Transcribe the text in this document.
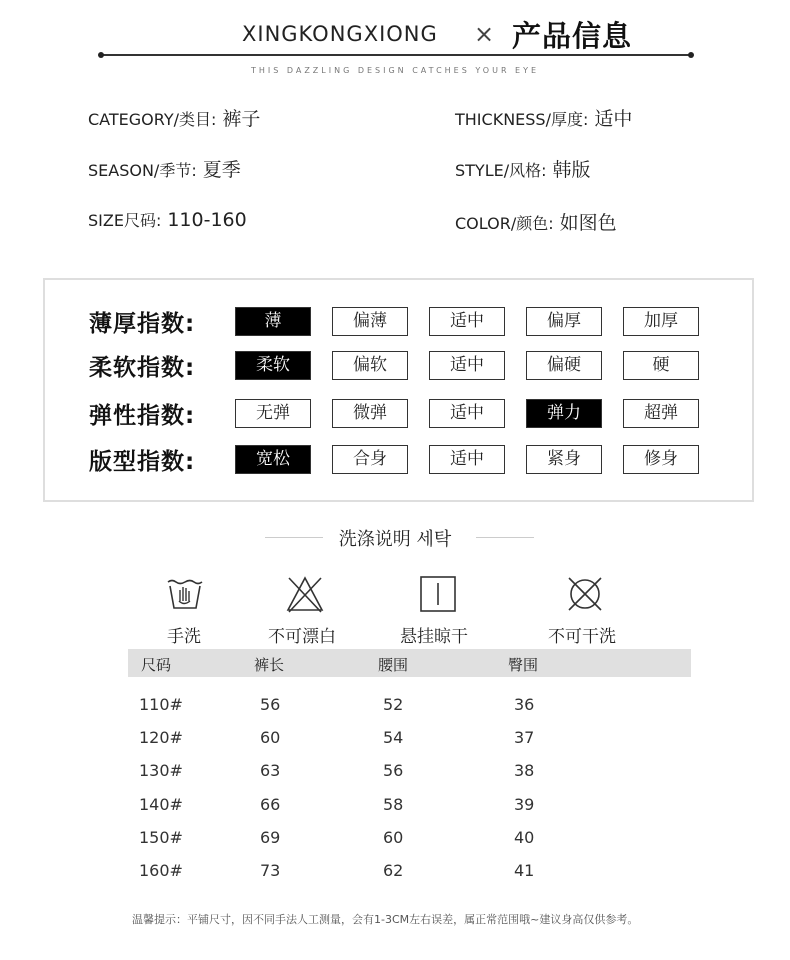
XINGKONGXIONG × 产品信息
THIS DAZZLING DESIGN CATCHES YOUR EYE
CATEGORY/类目: 裤子	THICKNESS/厚度: 适中
SEASON/季节: 夏季	STYLE/风格: 韩版
SIZE尺码: 110-160	COLOR/颜色: 如图色
薄厚指数:	薄	偏薄	适中	偏厚	加厚
柔软指数:	柔软	偏软	适中	偏硬	硬
弹性指数:	无弹	微弹	适中	弹力	超弹
版型指数:	宽松	合身	适中	紧身	修身
洗涤说明 세탁
手洗	不可漂白	悬挂晾干	不可干洗
尺码	裤长	腰围	臀围
110#	56	52	36
120#	60	54	37
130#	63	56	38
140#	66	58	39
150#	69	60	40
160#	73	62	41
温馨提示：平铺尺寸，因不同手法人工测量，会有1-3CM左右误差，属正常范围哦~建议身高仅供参考。
